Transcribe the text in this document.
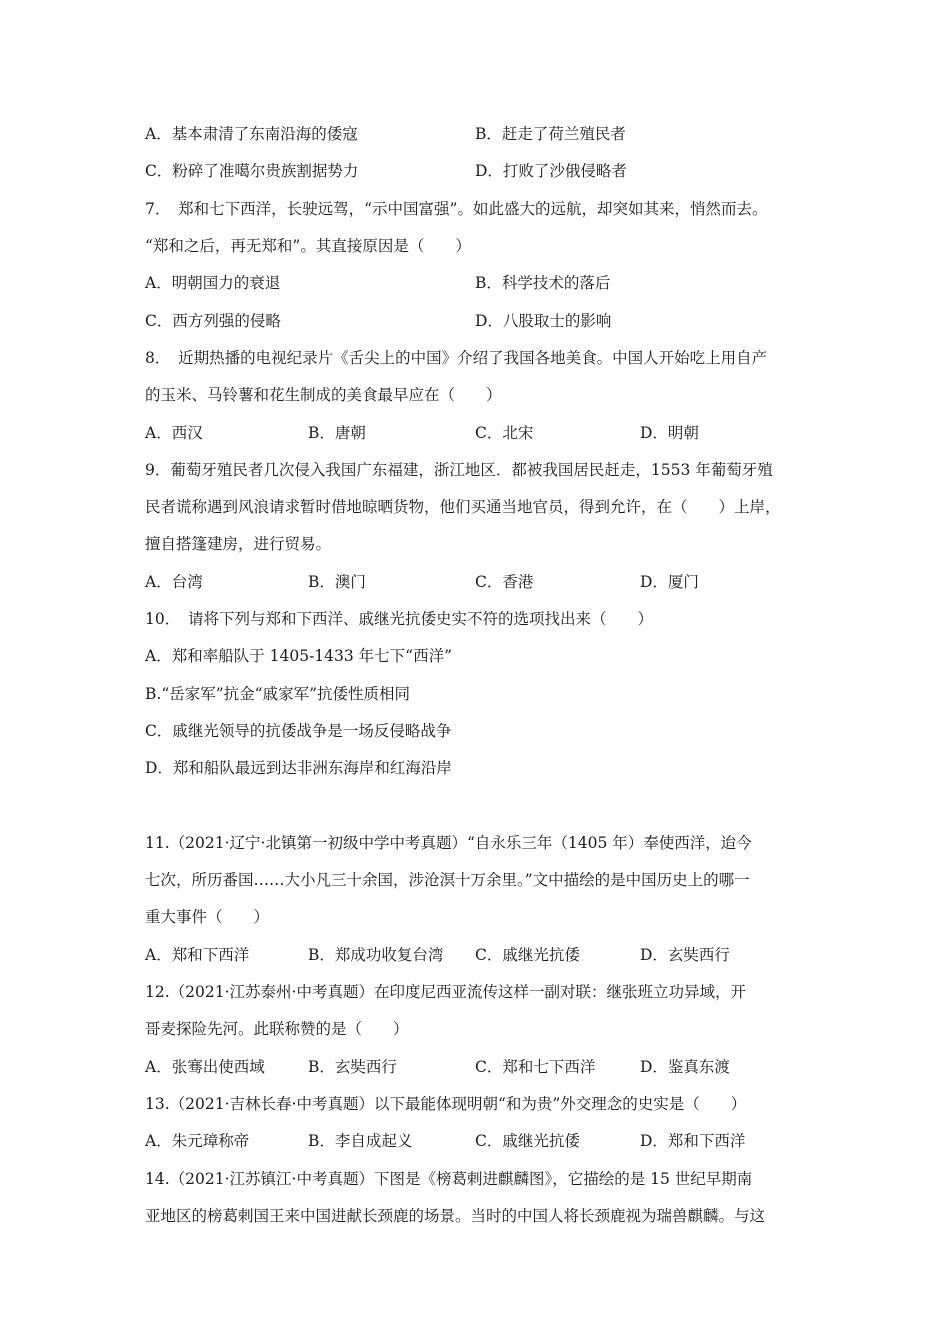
A．基本肃清了东南沿海的倭寇	B．赶走了荷兰殖民者
C．粉碎了准噶尔贵族割据势力	D．打败了沙俄侵略者
7．　郑和七下西洋，长驶远驾，“示中国富强”。如此盛大的远航，却突如其来，悄然而去。
“郑和之后，再无郑和”。其直接原因是（　　）
A．明朝国力的衰退	B．科学技术的落后
C．西方列强的侵略	D．八股取士的影响
8．　近期热播的电视纪录片《舌尖上的中国》介绍了我国各地美食。中国人开始吃上用自产
的玉米、马铃薯和花生制成的美食最早应在（　　）
A．西汉	B．唐朝	C．北宋	D．明朝
9．葡萄牙殖民者几次侵入我国广东福建，浙江地区．都被我国居民赶走，1553 年葡萄牙殖
民者谎称遇到风浪请求暂时借地晾晒货物，他们买通当地官员，得到允许，在（　　）上岸，
擅自搭篷建房，进行贸易。
A．台湾	B．澳门	C．香港	D．厦门
10．　请将下列与郑和下西洋、戚继光抗倭史实不符的选项找出来（　　）
A．郑和率船队于 1405-1433 年七下“西洋”
B.“岳家军”抗金“戚家军”抗倭性质相同
C．戚继光领导的抗倭战争是一场反侵略战争
D．郑和船队最远到达非洲东海岸和红海沿岸
11.（2021·辽宁·北镇第一初级中学中考真题）“自永乐三年（1405 年）奉使西洋，迨今
七次，所历番国……大小凡三十余国，涉沧溟十万余里。”文中描绘的是中国历史上的哪一
重大事件（　　）
A．郑和下西洋	B．郑成功收复台湾 C．戚继光抗倭	D．玄奘西行
12.（2021·江苏泰州·中考真题）在印度尼西亚流传这样一副对联：继张班立功异域，开
哥麦探险先河。此联称赞的是（　　）
A．张骞出使西域	B．玄奘西行	C．郑和七下西洋	D．鉴真东渡
13.（2021·吉林长春·中考真题）以下最能体现明朝“和为贵”外交理念的史实是（　　）
A．朱元璋称帝	B．李自成起义	C．戚继光抗倭	D．郑和下西洋
14.（2021·江苏镇江·中考真题）下图是《榜葛剌进麒麟图》，它描绘的是 15 世纪早期南
亚地区的榜葛剌国王来中国进献长颈鹿的场景。当时的中国人将长颈鹿视为瑞兽麒麟。与这
